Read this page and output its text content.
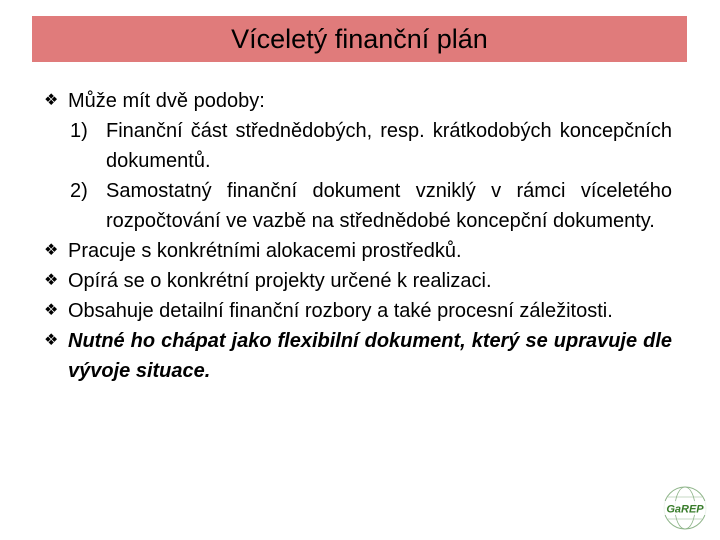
Víceletý finanční plán
❖ Může mít dvě podoby:
1) Finanční část střednědobých, resp. krátkodobých koncepčních dokumentů.
2) Samostatný finanční dokument vzniklý v rámci víceletého rozpočtování ve vazbě na střednědobé koncepční dokumenty.
❖ Pracuje s konkrétními alokacemi prostředků.
❖ Opírá se o konkrétní projekty určené k realizaci.
❖ Obsahuje detailní finanční rozbory a také procesní záležitosti.
❖ Nutné ho chápat jako flexibilní dokument, který se upravuje dle vývoje situace.
GaREP
